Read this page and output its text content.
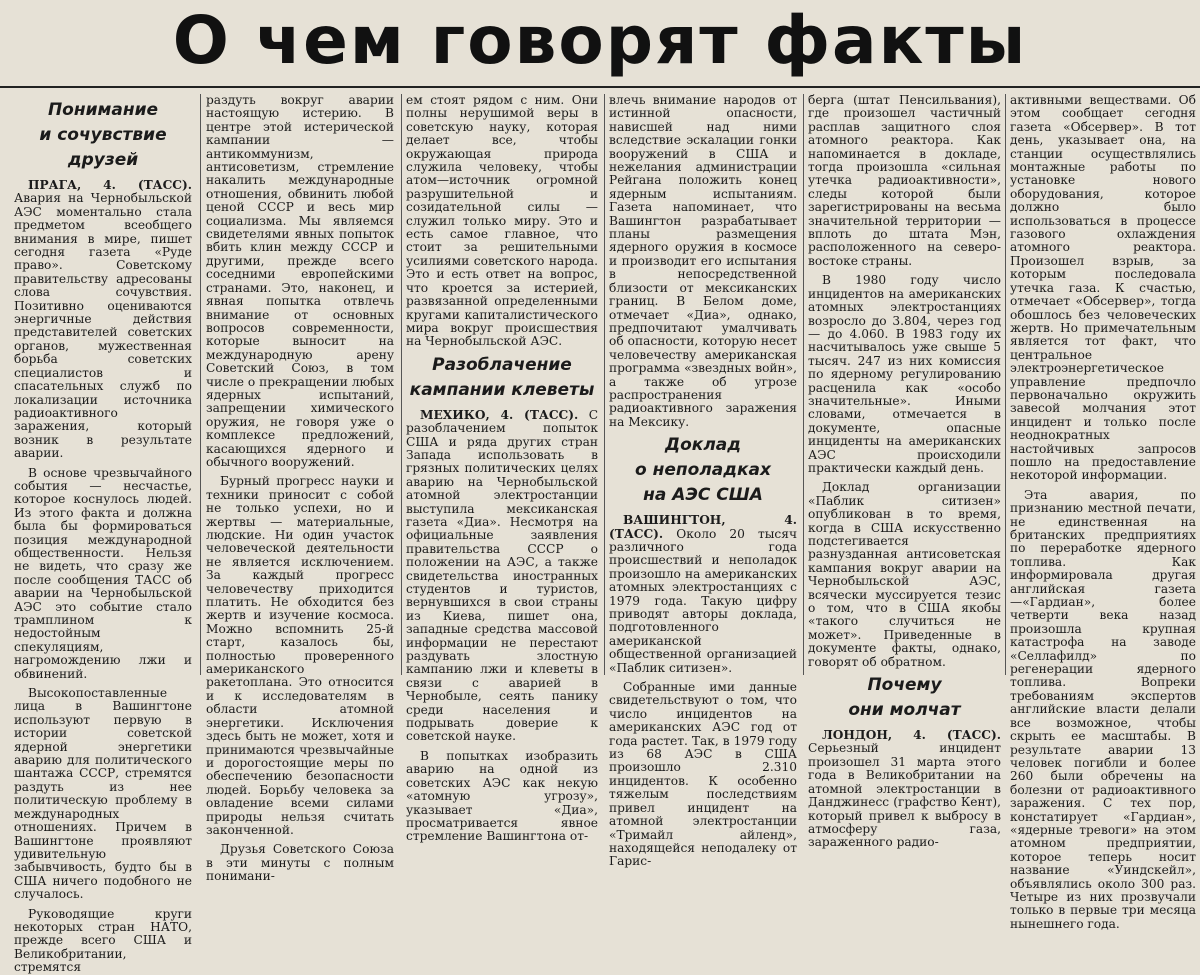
О чем говорят факты
Понимание
и сочувствие друзей

ПРАГА, 4. (ТАСС). Авария на Чернобыльской АЭС моментально стала предметом всеобщего внимания в мире, пишет сегодня газета «Руде право». Советскому правительству адресованы слова сочувствия. Позитивно оцениваются энергичные действия представителей советских органов, мужественная борьба советских специалистов и спасательных служб по локализации источника радиоактивного заражения, который возник в результате аварии.

В основе чрезвычайного события — несчастье, которое коснулось людей. Из этого факта и должна была бы формироваться позиция международной общественности. Нельзя не видеть, что сразу же после сообщения ТАСС об аварии на Чернобыльской АЭС это событие стало трамплином к недостойным спекуляциям, нагромождению лжи и обвинений.

Высокопоставленные лица в Вашингтоне используют первую в истории советской ядерной энергетики аварию для политического шантажа СССР, стремятся раздуть из нее политическую проблему в международных отношениях. Причем в Вашингтоне проявляют удивительную забывчивость, будто бы в США ничего подобного не случалось.

Руководящие круги некоторых стран НАТО, прежде всего США и Великобритании, стремятся

раздуть вокруг аварии настоящую истерию. В центре этой истерической кампании — антикоммунизм, антисоветизм, стремление накалить международные отношения, обвинить любой ценой СССР и весь мир социализма. Мы являемся свидетелями явных попыток вбить клин между СССР и другими, прежде всего соседними европейскими странами. Это, наконец, и явная попытка отвлечь внимание от основных вопросов современности, которые выносит на международную арену Советский Союз, в том числе о прекращении любых ядерных испытаний, запрещении химического оружия, не говоря уже о комплексе предложений, касающихся ядерного и обычного вооружений.

Бурный прогресс науки и техники приносит с собой не только успехи, но и жертвы — материальные, людские. Ни один участок человеческой деятельности не является исключением. За каждый прогресс человечеству приходится платить. Не обходится без жертв и изучение космоса. Можно вспомнить 25-й старт, казалось бы, полностью проверенного американского ракетоплана. Это относится и к исследователям в области атомной энергетики. Исключения здесь быть не может, хотя и принимаются чрезвычайные и дорогостоящие меры по обеспечению безопасности людей. Борьбу человека за овладение всеми силами природы нельзя считать законченной.

Друзья Советского Союза в эти минуты с полным понимани-

ем стоят рядом с ним. Они полны нерушимой веры в советскую науку, которая делает все, чтобы окружающая природа служила человеку, чтобы атом—источник огромной разрушительной и созидательной силы — служил только миру. Это и есть самое главное, что стоит за решительными усилиями советского народа. Это и есть ответ на вопрос, что кроется за истерией, развязанной определенными кругами капиталистического мира вокруг происшествия на Чернобыльской АЭС.

Разоблачение
кампании клеветы

МЕХИКО, 4. (ТАСС). С разоблачением попыток США и ряда других стран Запада использовать в грязных политических целях аварию на Чернобыльской атомной электростанции выступила мексиканская газета «Диа». Несмотря на официальные заявления правительства СССР о положении на АЭС, а также свидетельства иностранных студентов и туристов, вернувшихся в свои страны из Киева, пишет она, западные средства массовой информации не перестают раздувать злостную кампанию лжи и клеветы в связи с аварией в Чернобыле, сеять панику среди населения и подрывать доверие к советской науке.

В попытках изобразить аварию на одной из советских АЭС как некую «атомную угрозу», указывает «Диа», просматривается явное стремление Вашингтона от-

влечь внимание народов от истинной опасности, нависшей над ними вследствие эскалации гонки вооружений в США и нежелания администрации Рейгана положить конец ядерным испытаниям. Газета напоминает, что Вашингтон разрабатывает планы размещения ядерного оружия в космосе и производит его испытания в непосредственной близости от мексиканских границ. В Белом доме, отмечает «Диа», однако, предпочитают умалчивать об опасности, которую несет человечеству американская программа «звездных войн», а также об угрозе распространения радиоактивного заражения на Мексику.

Доклад
о неполадках
на АЭС США

ВАШИНГТОН, 4. (ТАСС). Около 20 тысяч различного года происшествий и неполадок произошло на американских атомных электростанциях с 1979 года. Такую цифру приводят авторы доклада, подготовленного американской общественной организацией «Паблик ситизен».

Собранные ими данные свидетельствуют о том, что число инцидентов на американских АЭС год от года растет. Так, в 1979 году из 68 АЭС в США произошло 2.310 инцидентов. К особенно тяжелым последствиям привел инцидент на атомной электростанции «Тримайл айленд», находящейся неподалеку от Гарис-

берга (штат Пенсильвания), где произошел частичный расплав защитного слоя атомного реактора. Как напоминается в докладе, тогда произошла «сильная утечка радиоактивности», следы которой были зарегистрированы на весьма значительной территории — вплоть до штата Мэн, расположенного на северо-востоке страны.

В 1980 году число инцидентов на американских атомных электростанциях возросло до 3.804, через год — до 4.060. В 1983 году их насчитывалось уже свыше 5 тысяч. 247 из них комиссия по ядерному регулированию расценила как «особо значительные». Иными словами, отмечается в документе, опасные инциденты на американских АЭС происходили практически каждый день.

Доклад организации «Паблик ситизен» опубликован в то время, когда в США искусственно подстегивается разнузданная антисоветская кампания вокруг аварии на Чернобыльской АЭС, всячески муссируется тезис о том, что в США якобы «такого случиться не может». Приведенные в документе факты, однако, говорят об обратном.

Почему
они молчат

ЛОНДОН, 4. (ТАСС). Серьезный инцидент произошел 31 марта этого года в Великобритании на атомной электростанции в Данджинесс (графство Кент), который привел к выбросу в атмосферу газа, зараженного радио-

активными веществами. Об этом сообщает сегодня газета «Обсервер». В тот день, указывает она, на станции осуществлялись монтажные работы по установке нового оборудования, которое должно было использоваться в процессе газового охлаждения атомного реактора. Произошел взрыв, за которым последовала утечка газа. К счастью, отмечает «Обсервер», тогда обошлось без человеческих жертв. Но примечательным является тот факт, что центральное электроэнергетическое управление предпочло первоначально окружить завесой молчания этот инцидент и только после неоднократных настойчивых запросов пошло на предоставление некоторой информации.

Эта авария, по признанию местной печати, не единственная на британских предприятиях по переработке ядерного топлива. Как информировала другая английская газета—«Гардиан», более четверти века назад произошла крупная катастрофа на заводе «Селлафилд» по регенерации ядерного топлива. Вопреки требованиям экспертов английские власти делали все возможное, чтобы скрыть ее масштабы. В результате аварии 13 человек погибли и более 260 были обречены на болезни от радиоактивного заражения. С тех пор, констатирует «Гардиан», «ядерные тревоги» на этом атомном предприятии, которое теперь носит название «Уиндскейл», объявлялись около 300 раз. Четыре из них прозвучали только в первые три месяца нынешнего года.
